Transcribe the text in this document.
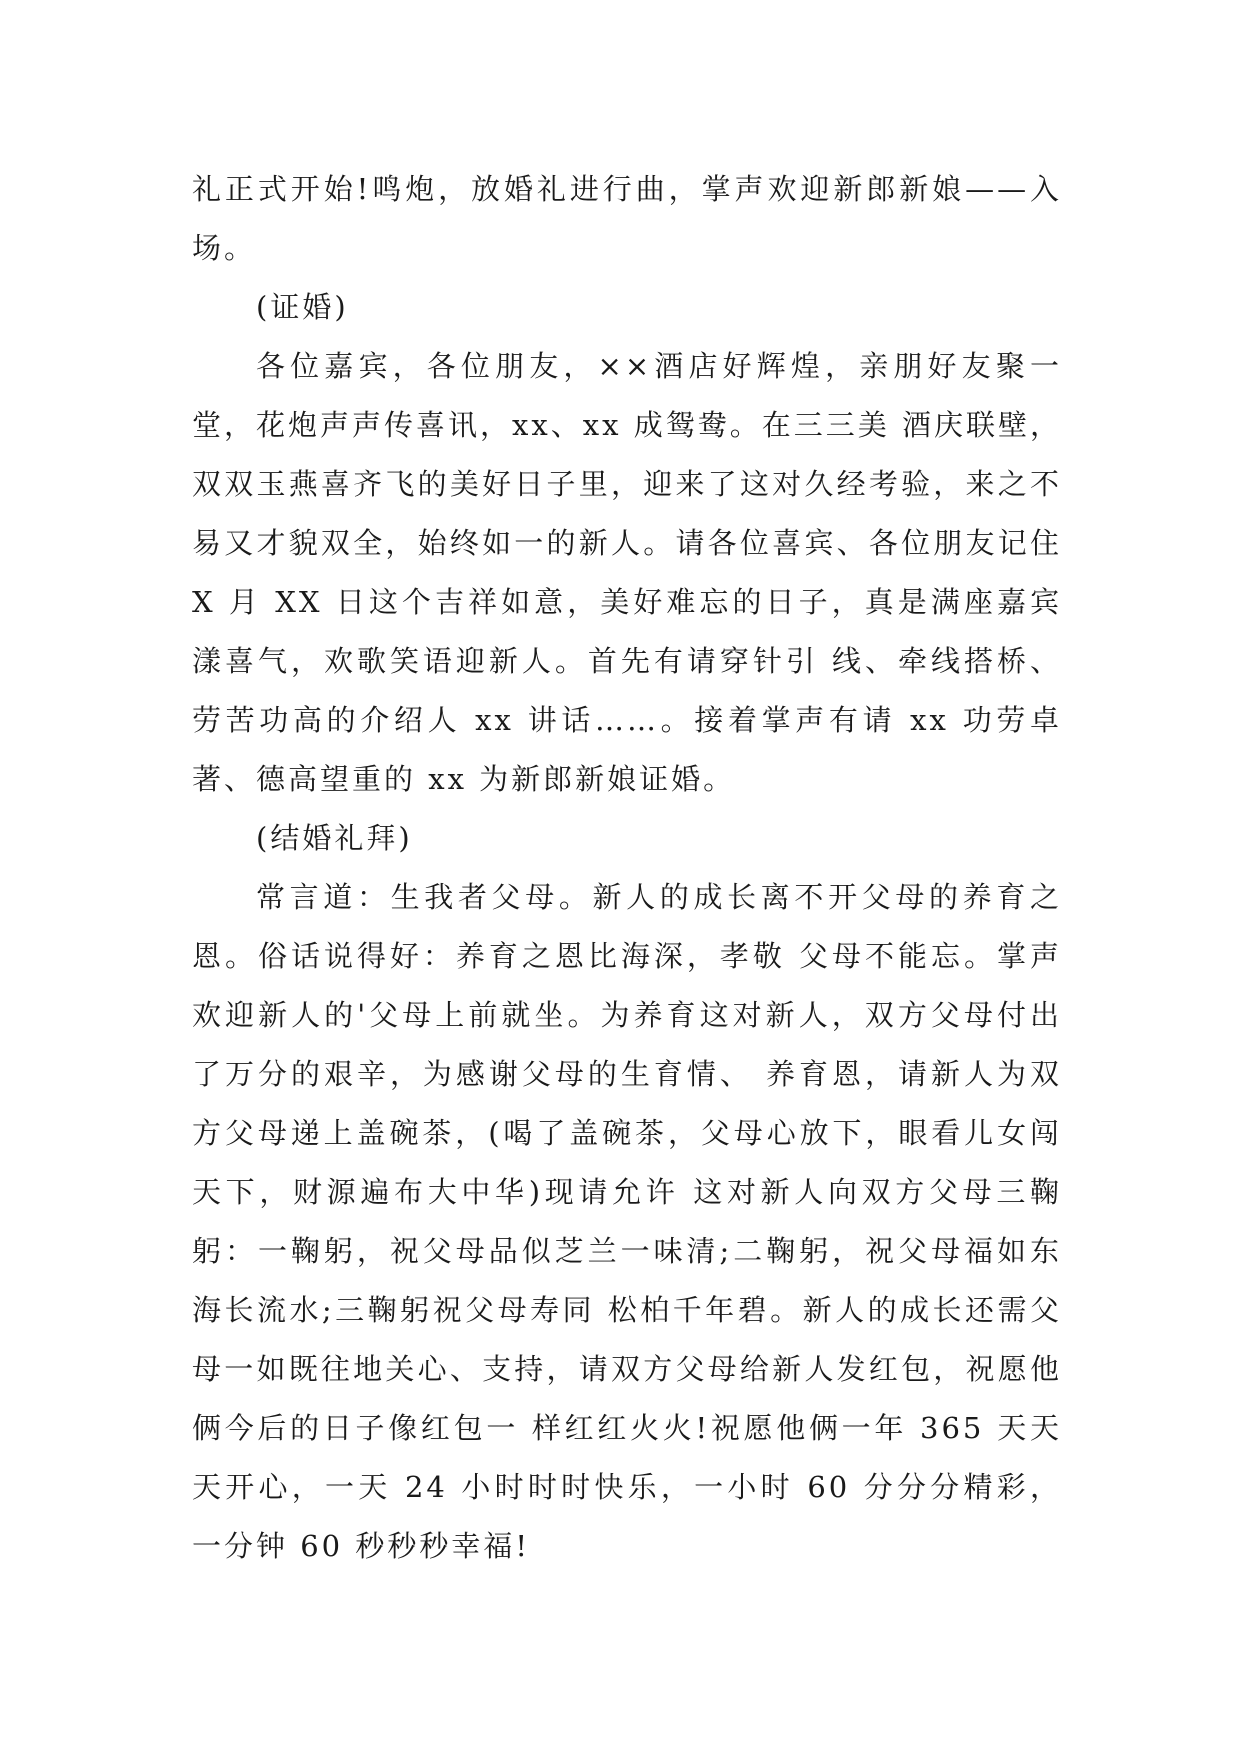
礼正式开始!鸣炮，放婚礼进行曲，掌声欢迎新郎新娘——入场。

(证婚)

各位嘉宾，各位朋友，××酒店好辉煌，亲朋好友聚一堂，花炮声声传喜讯，xx、xx 成鸳鸯。在三三美 酒庆联壁，双双玉燕喜齐飞的美好日子里，迎来了这对久经考验，来之不易又才貌双全，始终如一的新人。请各位喜宾、各位朋友记住 X 月 XX 日这个吉祥如意，美好难忘的日子，真是满座嘉宾漾喜气，欢歌笑语迎新人。首先有请穿针引 线、牵线搭桥、劳苦功高的介绍人 xx 讲话……。接着掌声有请 xx 功劳卓著、德高望重的 xx 为新郎新娘证婚。

(结婚礼拜)

常言道：生我者父母。新人的成长离不开父母的养育之恩。俗话说得好：养育之恩比海深，孝敬 父母不能忘。掌声欢迎新人的'父母上前就坐。为养育这对新人，双方父母付出了万分的艰辛，为感谢父母的生育情、 养育恩，请新人为双方父母递上盖碗茶，(喝了盖碗茶，父母心放下，眼看儿女闯天下，财源遍布大中华)现请允许 这对新人向双方父母三鞠躬：一鞠躬，祝父母品似芝兰一味清;二鞠躬，祝父母福如东海长流水;三鞠躬祝父母寿同 松柏千年碧。新人的成长还需父母一如既往地关心、支持，请双方父母给新人发红包，祝愿他俩今后的日子像红包一 样红红火火!祝愿他俩一年 365 天天天开心，一天 24 小时时时快乐，一小时 60 分分分精彩，一分钟 60 秒秒秒幸福!
